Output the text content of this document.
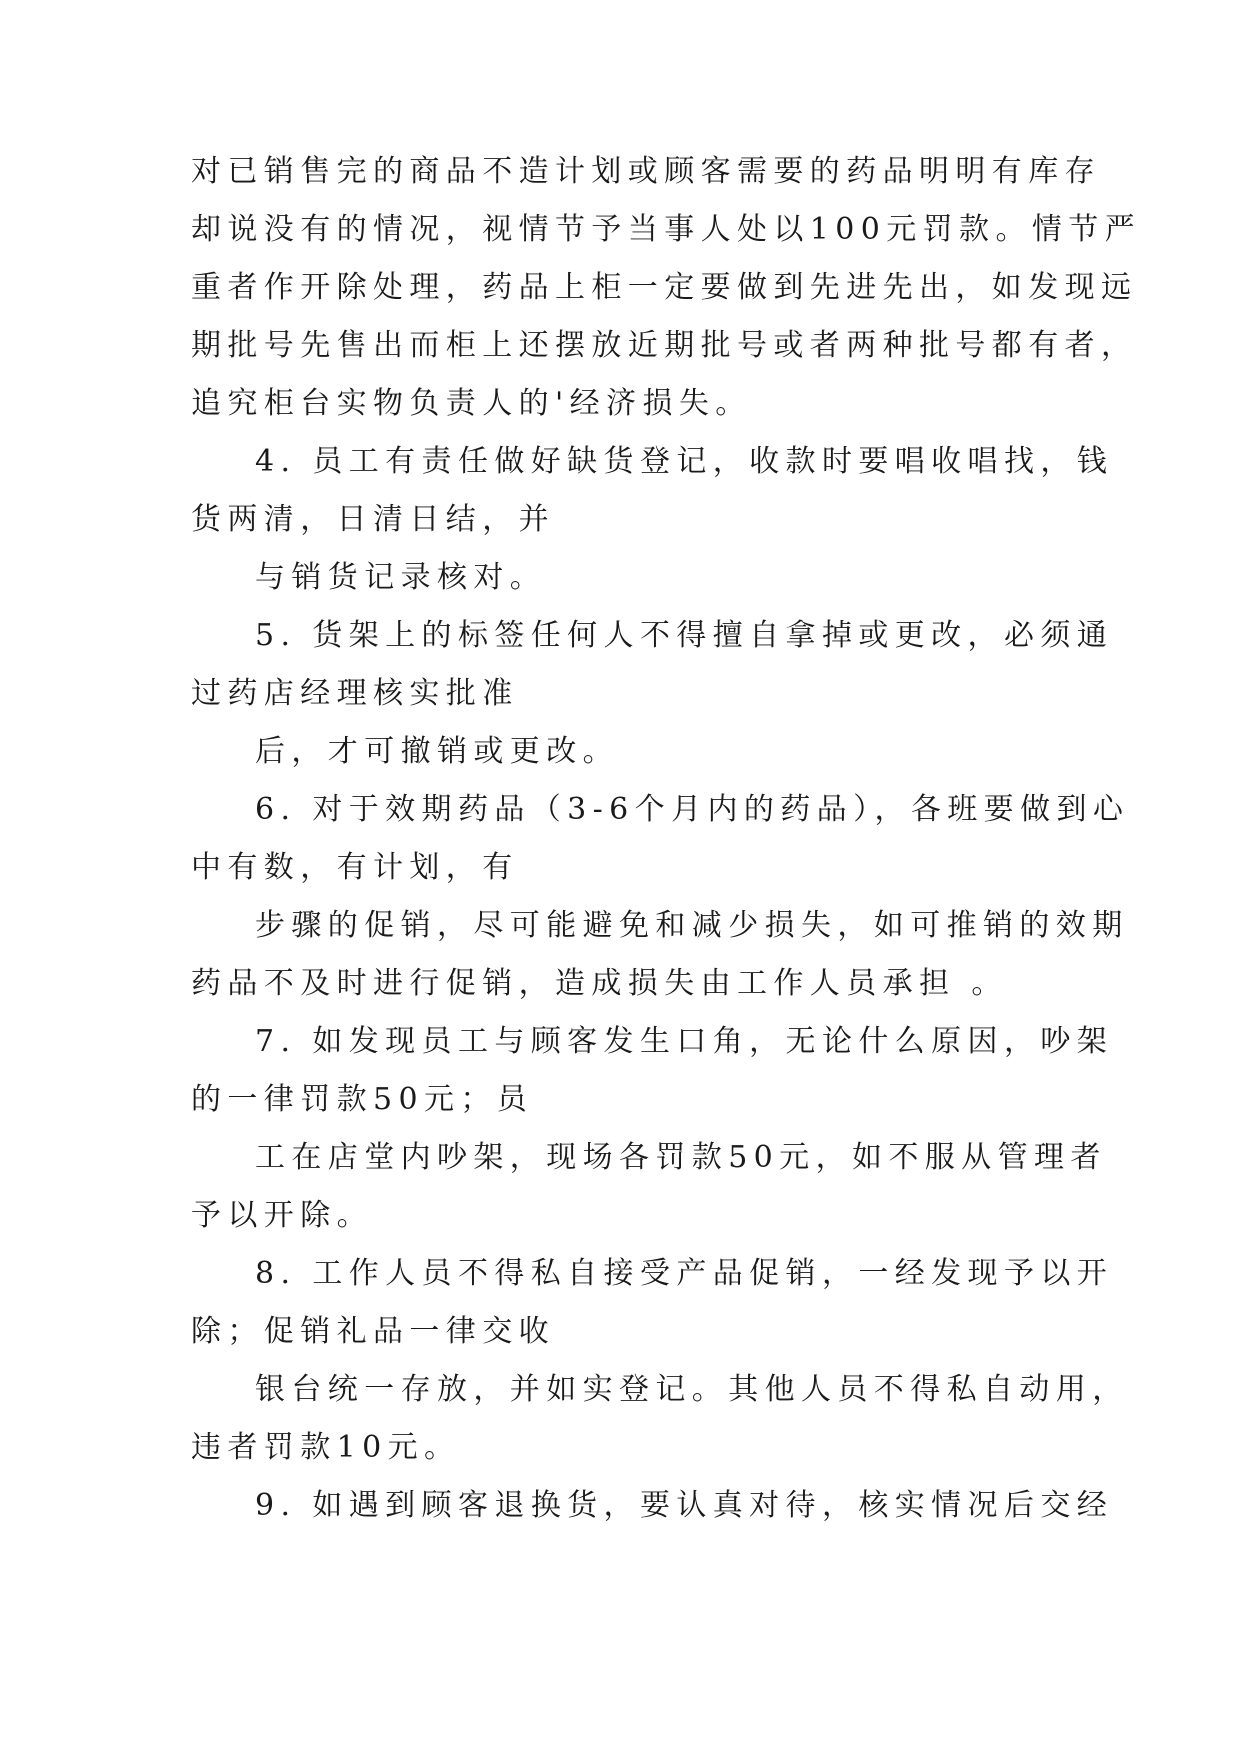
对已销售完的商品不造计划或顾客需要的药品明明有库存
却说没有的情况，视情节予当事人处以100元罚款。情节严
重者作开除处理，药品上柜一定要做到先进先出，如发现远
期批号先售出而柜上还摆放近期批号或者两种批号都有者，
追究柜台实物负责人的'经济损失。
4. 员工有责任做好缺货登记，收款时要唱收唱找，钱
货两清，日清日结，并
与销货记录核对。
5. 货架上的标签任何人不得擅自拿掉或更改，必须通
过药店经理核实批准
后，才可撤销或更改。
6. 对于效期药品（3-6个月内的药品），各班要做到心
中有数，有计划，有
步骤的促销，尽可能避免和减少损失，如可推销的效期
药品不及时进行促销，造成损失由工作人员承担 。
7. 如发现员工与顾客发生口角，无论什么原因，吵架
的一律罚款50元；员
工在店堂内吵架，现场各罚款50元，如不服从管理者
予以开除。
8. 工作人员不得私自接受产品促销，一经发现予以开
除；促销礼品一律交收
银台统一存放，并如实登记。其他人员不得私自动用，
违者罚款10元。
9. 如遇到顾客退换货，要认真对待，核实情况后交经
